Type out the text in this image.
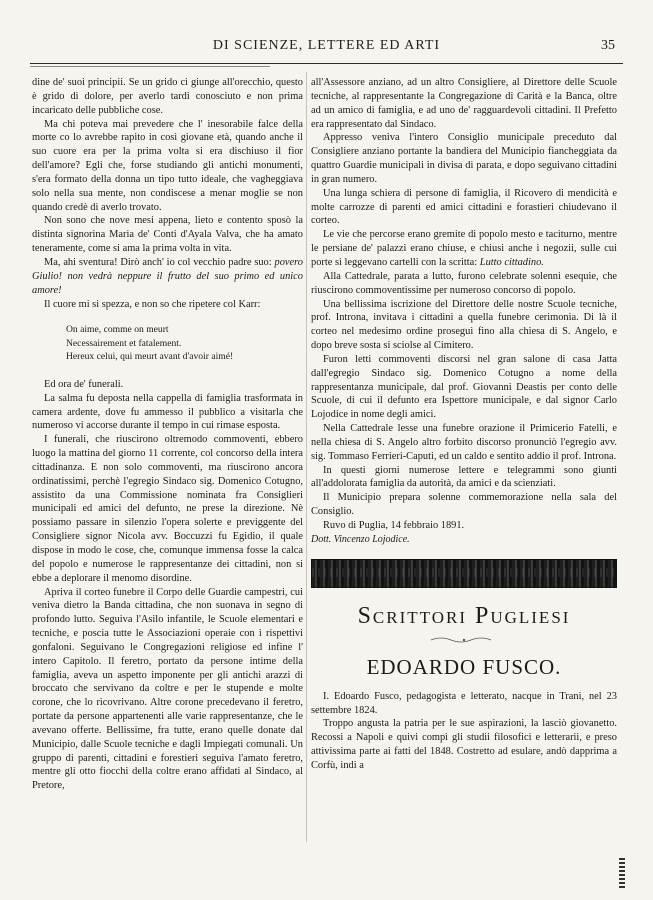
DI SCIENZE, LETTERE ED ARTI	35

dine de' suoi principii. Se un grido ci giunge all'orecchio, questo è grido di dolore, per averlo tardi conosciuto e non prima incaricato delle pubbliche cose.

Ma chi poteva mai prevedere che l' inesorabile falce della morte co lo avrebbe rapito in così giovane età, quando anche il suo cuore era per la prima volta si era dischiuso il fior dell'amore? Egli che, forse studiando gli antichi monumenti, s'era formato della donna un tipo tutto ideale, che vagheggiava solo nella sua mente, non condiscese a menar moglie se non quando credè di averlo trovato.

Non sono che nove mesi appena, lieto e contento sposò la distinta signorina Maria de' Conti d'Ayala Valva, che ha amato teneramente, come si ama la prima volta in vita.

Ma, ahi sventura! Dirò anch' io col vecchio padre suo: povero Giulio! non vedrà neppure il frutto del suo primo ed unico amore!

Il cuore mi si spezza, e non so che ripetere col Karr:

On aime, comme on meurt
Necessairement et fatalement.
Hereux celui, qui meurt avant d'avoir aimé!

Ed ora de' funerali.

La salma fu deposta nella cappella di famiglia trasformata in camera ardente, dove fu ammesso il pubblico a visitarla che numeroso vi accorse durante il tempo in cui rimase esposta.

I funerali, che riuscirono oltremodo commoventi, ebbero luogo la mattina del giorno 11 corrente, col concorso della intera cittadinanza. E non solo commoventi, ma riuscirono ancora ordinatissimi, perchè l'egregio Sindaco sig. Domenico Cotugno, assistito da una Commissione nominata fra Consiglieri municipali ed amici del defunto, ne prese la direzione. Nè possiamo passare in silenzio l'opera solerte e previggente del Consigliere signor Nicola avv. Boccuzzi fu Egidio, il quale dispose in modo le cose, che, comunque immensa fosse la calca del popolo e numerose le rappresentanze dei cittadini, non si ebbe a deplorare il menomo disordine.

Apriva il corteo funebre il Corpo delle Guardie campestri, cui veniva dietro la Banda cittadina, che non suonava in segno di profondo lutto. Seguiva l'Asilo infantile, le Scuole elementari e tecniche, e poscia tutte le Associazioni operaie con i rispettivi gonfaloni. Seguivano le Congregazioni religiose ed infine l' intero Capitolo. Il feretro, portato da persone intime della famiglia, aveva un aspetto imponente per gli antichi arazzi di broccato che servivano da coltre e per le stupende e molte corone, che lo ricovrivano. Altre corone precedevano il feretro, portate da persone appartenenti alle varie rappresentanze, che le avevano offerte. Bellissime, fra tutte, erano quelle donate dal Municipio, dalle Scuole tecniche e dagli Impiegati comunali. Un gruppo di parenti, cittadini e forestieri seguiva l'amato feretro, mentre gli otto fiocchi della coltre erano affidati al Sindaco, al Pretore,

all'Assessore anziano, ad un altro Consigliere, al Direttore delle Scuole tecniche, al rappresentante la Congregazione di Carità e la Banca, oltre ad un amico di famiglia, e ad uno de' ragguardevoli cittadini. Il Prefetto era rappresentato dal Sindaco.

Appresso veniva l'intero Consiglio municipale preceduto dal Consigliere anziano portante la bandiera del Municipio fiancheggiata da quattro Guardie municipali in divisa di parata, e dopo seguivano cittadini in gran numero.

Una lunga schiera di persone di famiglia, il Ricovero di mendicità e molte carrozze di parenti ed amici cittadini e forastieri chiudevano il corteo.

Le vie che percorse erano gremite di popolo mesto e taciturno, mentre le persiane de' palazzi erano chiuse, e chiusi anche i negozii, sulle cui porte si leggevano cartelli con la scritta: Lutto cittadino.

Alla Cattedrale, parata a lutto, furono celebrate solenni esequie, che riuscirono commoventissime per numeroso concorso di popolo.

Una bellissima iscrizione del Direttore delle nostre Scuole tecniche, prof. Introna, invitava i cittadini a quella funebre cerimonia. Di là il corteo nel medesimo ordine proseguì fino alla chiesa di S. Angelo, e dopo breve sosta si sciolse al Cimitero.

Furon letti commoventi discorsi nel gran salone di casa Jatta dall'egregio Sindaco sig. Domenico Cotugno a nome della rappresentanza municipale, dal prof. Giovanni Deastis per conto delle Scuole, di cui il defunto era Ispettore municipale, e dal signor Carlo Lojodice in nome degli amici.

Nella Cattedrale lesse una funebre orazione il Primicerio Fatelli, e nella chiesa di S. Angelo altro forbito discorso pronunciò l'egregio avv. sig. Tommaso Ferrieri-Caputi, ed un caldo e sentito addio il prof. Introna.

In questi giorni numerose lettere e telegrammi sono giunti all'addolorata famiglia da autorità, da amici e da scienziati.

Il Municipio prepara solenne commemorazione nella sala del Consiglio.

Ruvo di Puglia, 14 febbraio 1891.

Dott. Vincenzo Lojodice.

Scrittori Pugliesi
EDOARDO FUSCO.

I. Edoardo Fusco, pedagogista e letterato, nacque in Trani, nel 23 settembre 1824.

Troppo angusta la patria per le sue aspirazioni, la lasciò giovanetto. Recossi a Napoli e quivi compì gli studii filosofici e letterarii, e preso attivissima parte ai fatti del 1848. Costretto ad esulare, andò dapprima a Corfù, indi a
